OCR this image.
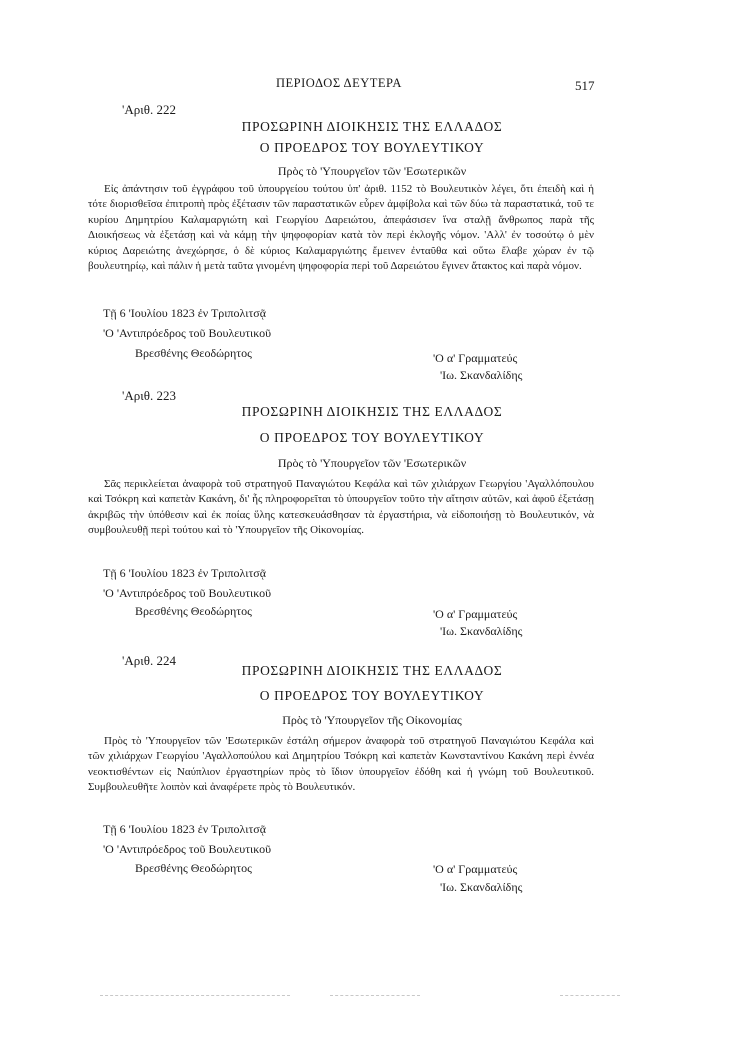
ΠΕΡΙΟΔΟΣ ΔΕΥΤΕΡΑ	517
'Αριθ. 222
ΠΡΟΣΩΡΙΝΗ ΔΙΟΙΚΗΣΙΣ ΤΗΣ ΕΛΛΑΔΟΣ
Ο ΠΡΟΕΔΡΟΣ ΤΟΥ ΒΟΥΛΕΥΤΙΚΟΥ
Πρὸς τὸ 'Υπουργεῖον τῶν 'Εσωτερικῶν
Εἰς ἀπάντησιν τοῦ ἐγγράφου τοῦ ὑπουργείου τούτου ὑπ' ἀριθ. 1152 τὸ Βουλευτικὸν λέγει, ὅτι ἐπειδὴ καὶ ἡ τότε διορισθεῖσα ἐπιτροπὴ πρὸς ἐξέτασιν τῶν παραστατικῶν εὗρεν ἀμφίβολα καὶ τῶν δύω τὰ παραστατικά, τοῦ τε κυρίου Δημητρίου Καλαμαργιώτη καὶ Γεωργίου Δαρειώτου, ἀπεφάσισεν ἵνα σταλῇ ἄνθρωπος παρὰ τῆς Διοικήσεως νὰ ἐξετάσῃ καὶ νὰ κάμῃ τὴν ψηφοφορίαν κατὰ τὸν περὶ ἐκλογῆς νόμον. 'Αλλ' ἐν τοσούτῳ ὁ μὲν κύριος Δαρειώτης ἀνεχώρησε, ὁ δὲ κύριος Καλαμαργιώτης ἔμεινεν ἐνταῦθα καὶ οὕτω ἔλαβε χώραν ἐν τῷ βουλευτηρίῳ, καὶ πάλιν ἡ μετὰ ταῦτα γινομένη ψηφοφορία περὶ τοῦ Δαρειώτου ἔγινεν ἄτακτος καὶ παρὰ νόμον.
Τῇ 6 'Ιουλίου 1823 ἐν Τριπολιτσᾷ
'Ο 'Αντιπρόεδρος τοῦ Βουλευτικοῦ
Βρεσθένης Θεοδώρητος	'Ο α' Γραμματεύς
'Ιω. Σκανδαλίδης
'Αριθ. 223
ΠΡΟΣΩΡΙΝΗ ΔΙΟΙΚΗΣΙΣ ΤΗΣ ΕΛΛΑΔΟΣ
Ο ΠΡΟΕΔΡΟΣ ΤΟΥ ΒΟΥΛΕΥΤΙΚΟΥ
Πρὸς τὸ 'Υπουργεῖον τῶν 'Εσωτερικῶν
Σᾶς περικλείεται ἀναφορὰ τοῦ στρατηγοῦ Παναγιώτου Κεφάλα καὶ τῶν χιλιάρχων Γεωργίου 'Αγαλλόπουλου καὶ Τσόκρη καὶ καπετὰν Κακάνη, δι' ἧς πληροφορεῖται τὸ ὑπουργεῖον τοῦτο τὴν αἴτησιν αὐτῶν, καὶ ἀφοῦ ἐξετάσῃ ἀκριβῶς τὴν ὑπόθεσιν καὶ ἐκ ποίας ὕλης κατεσκευάσθησαν τὰ ἐργαστήρια, νὰ εἰδοποιήσῃ τὸ Βουλευτικόν, νὰ συμβουλευθῇ περὶ τούτου καὶ τὸ 'Υπουργεῖον τῆς Οἰκονομίας.
Τῇ 6 'Ιουλίου 1823 ἐν Τριπολιτσᾷ
'Ο 'Αντιπρόεδρος τοῦ Βουλευτικοῦ
Βρεσθένης Θεοδώρητος	'Ο α' Γραμματεύς
'Ιω. Σκανδαλίδης
'Αριθ. 224
ΠΡΟΣΩΡΙΝΗ ΔΙΟΙΚΗΣΙΣ ΤΗΣ ΕΛΛΑΔΟΣ
Ο ΠΡΟΕΔΡΟΣ ΤΟΥ ΒΟΥΛΕΥΤΙΚΟΥ
Πρὸς τὸ 'Υπουργεῖον τῆς Οἰκονομίας
Πρὸς τὸ 'Υπουργεῖον τῶν 'Εσωτερικῶν ἐστάλη σήμερον ἀναφορὰ τοῦ στρατηγοῦ Παναγιώτου Κεφάλα καὶ τῶν χιλιάρχων Γεωργίου 'Αγαλλοπούλου καὶ Δημητρίου Τσόκρη καὶ καπετὰν Κωνσταντίνου Κακάνη περὶ ἐννέα νεοκτισθέντων εἰς Ναύπλιον ἐργαστηρίων πρὸς τὸ ἴδιον ὑπουργεῖον ἐδόθη καὶ ἡ γνώμη τοῦ Βουλευτικοῦ. Συμβουλευθῆτε λοιπὸν καὶ ἀναφέρετε πρὸς τὸ Βουλευτικόν.
Τῇ 6 'Ιουλίου 1823 ἐν Τριπολιτσᾷ
'Ο 'Αντιπρόεδρος τοῦ Βουλευτικοῦ
Βρεσθένης Θεοδώρητος	'Ο α' Γραμματεύς
'Ιω. Σκανδαλίδης
